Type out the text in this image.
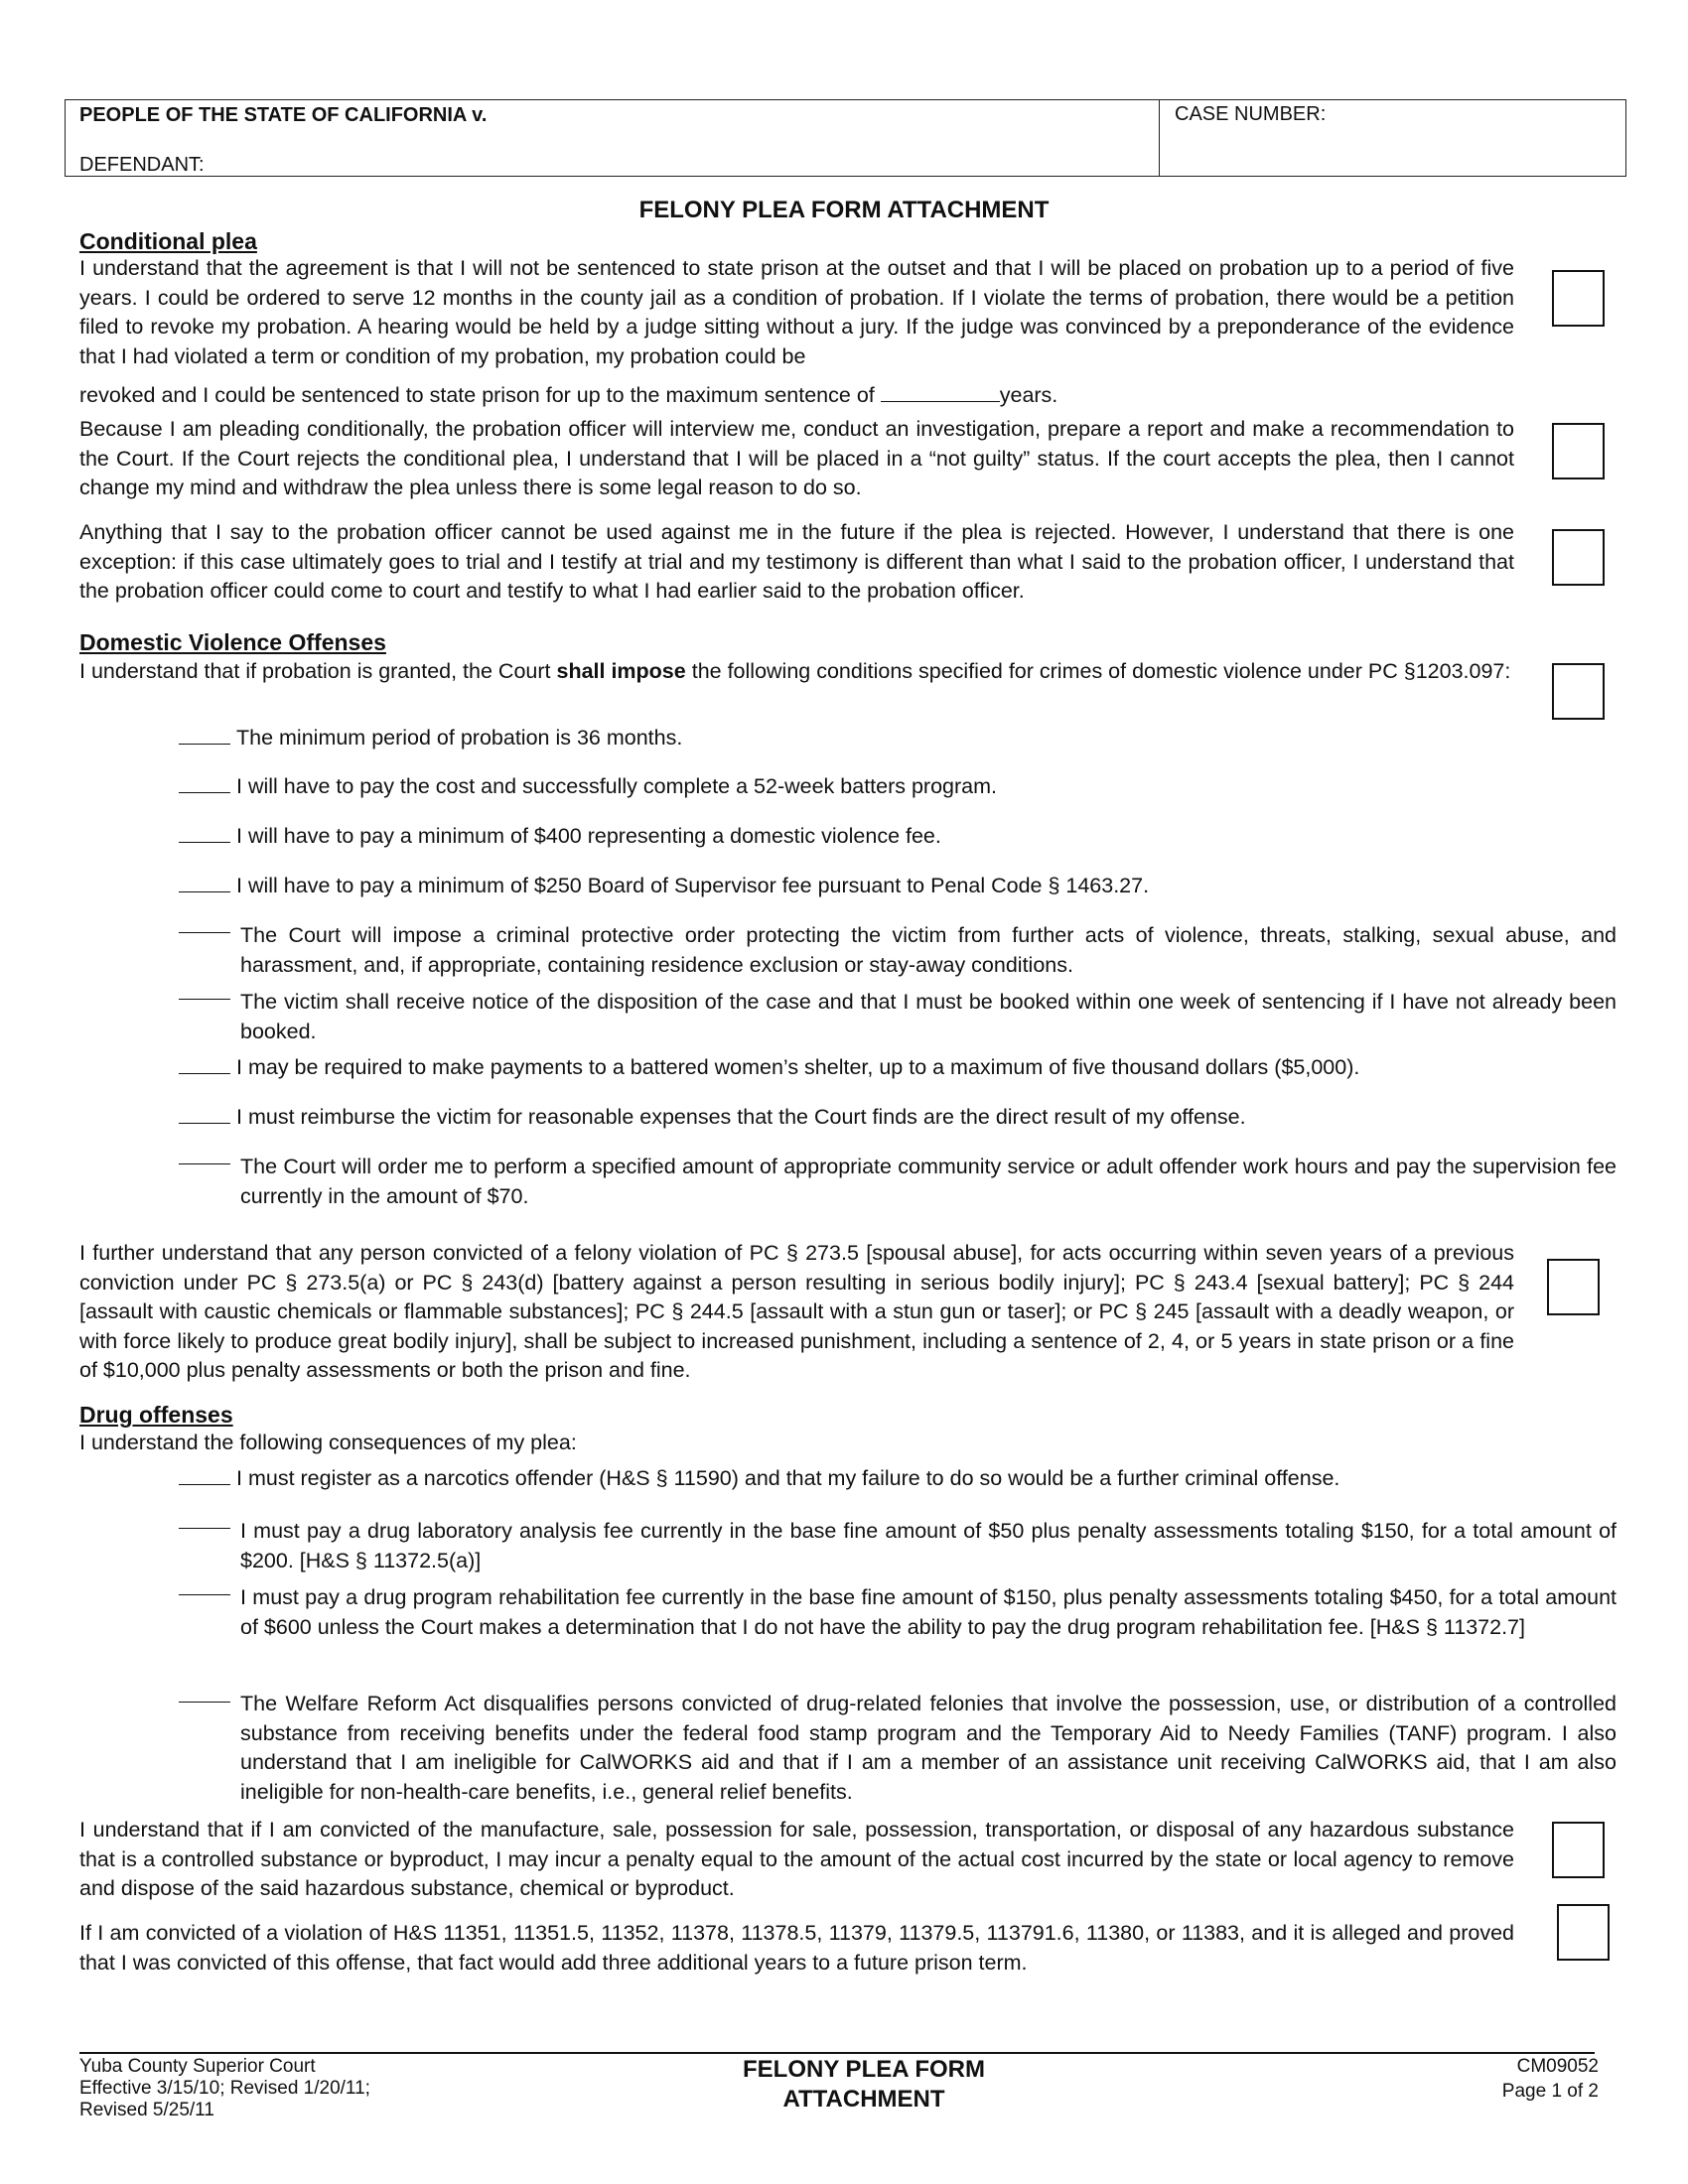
PEOPLE OF THE STATE OF CALIFORNIA v.
DEFENDANT:
CASE NUMBER:
FELONY PLEA FORM ATTACHMENT
Conditional plea
I understand that the agreement is that I will not be sentenced to state prison at the outset and that I will be placed on probation up to a period of five years. I could be ordered to serve 12 months in the county jail as a condition of probation. If I violate the terms of probation, there would be a petition filed to revoke my probation. A hearing would be held by a judge sitting without a jury. If the judge was convinced by a preponderance of the evidence that I had violated a term or condition of my probation, my probation could be
revoked and I could be sentenced to state prison for up to the maximum sentence of	years.
Because I am pleading conditionally, the probation officer will interview me, conduct an investigation, prepare a report and make a recommendation to the Court. If the Court rejects the conditional plea, I understand that I will be placed in a “not guilty” status. If the court accepts the plea, then I cannot change my mind and withdraw the plea unless there is some legal reason to do so.
Anything that I say to the probation officer cannot be used against me in the future if the plea is rejected. However, I understand that there is one exception: if this case ultimately goes to trial and I testify at trial and my testimony is different than what I said to the probation officer, I understand that the probation officer could come to court and testify to what I had earlier said to the probation officer.
Domestic Violence Offenses
I understand that if probation is granted, the Court shall impose the following conditions specified for crimes of domestic violence under PC §1203.097:
The minimum period of probation is 36 months.
I will have to pay the cost and successfully complete a 52-week batters program.
I will have to pay a minimum of $400 representing a domestic violence fee.
I will have to pay a minimum of $250 Board of Supervisor fee pursuant to Penal Code § 1463.27.
The Court will impose a criminal protective order protecting the victim from further acts of violence, threats, stalking, sexual abuse, and harassment, and, if appropriate, containing residence exclusion or stay-away conditions.
The victim shall receive notice of the disposition of the case and that I must be booked within one week of sentencing if I have not already been booked.
I may be required to make payments to a battered women’s shelter, up to a maximum of five thousand dollars ($5,000).
I must reimburse the victim for reasonable expenses that the Court finds are the direct result of my offense.
The Court will order me to perform a specified amount of appropriate community service or adult offender work hours and pay the supervision fee currently in the amount of $70.
I further understand that any person convicted of a felony violation of PC § 273.5 [spousal abuse], for acts occurring within seven years of a previous conviction under PC § 273.5(a) or PC § 243(d) [battery against a person resulting in serious bodily injury]; PC § 243.4 [sexual battery]; PC § 244 [assault with caustic chemicals or flammable substances]; PC § 244.5 [assault with a stun gun or taser]; or PC § 245 [assault with a deadly weapon, or with force likely to produce great bodily injury], shall be subject to increased punishment, including a sentence of 2, 4, or 5 years in state prison or a fine of $10,000 plus penalty assessments or both the prison and fine.
Drug offenses
I understand the following consequences of my plea:
I must register as a narcotics offender (H&S § 11590) and that my failure to do so would be a further criminal offense.
I must pay a drug laboratory analysis fee currently in the base fine amount of $50 plus penalty assessments totaling $150, for a total amount of $200. [H&S § 11372.5(a)]
I must pay a drug program rehabilitation fee currently in the base fine amount of $150, plus penalty assessments totaling $450, for a total amount of $600 unless the Court makes a determination that I do not have the ability to pay the drug program rehabilitation fee. [H&S § 11372.7]
The Welfare Reform Act disqualifies persons convicted of drug-related felonies that involve the possession, use, or distribution of a controlled substance from receiving benefits under the federal food stamp program and the Temporary Aid to Needy Families (TANF) program. I also understand that I am ineligible for CalWORKS aid and that if I am a member of an assistance unit receiving CalWORKS aid, that I am also ineligible for non-health-care benefits, i.e., general relief benefits.
I understand that if I am convicted of the manufacture, sale, possession for sale, possession, transportation, or disposal of any hazardous substance that is a controlled substance or byproduct, I may incur a penalty equal to the amount of the actual cost incurred by the state or local agency to remove and dispose of the said hazardous substance, chemical or byproduct.
If I am convicted of a violation of H&S 11351, 11351.5, 11352, 11378, 11378.5, 11379, 11379.5, 113791.6, 11380, or 11383, and it is alleged and proved that I was convicted of this offense, that fact would add three additional years to a future prison term.
Yuba County Superior Court
Effective 3/15/10; Revised 1/20/11;
Revised 5/25/11
FELONY PLEA FORM
ATTACHMENT
CM09052
Page 1 of 2
